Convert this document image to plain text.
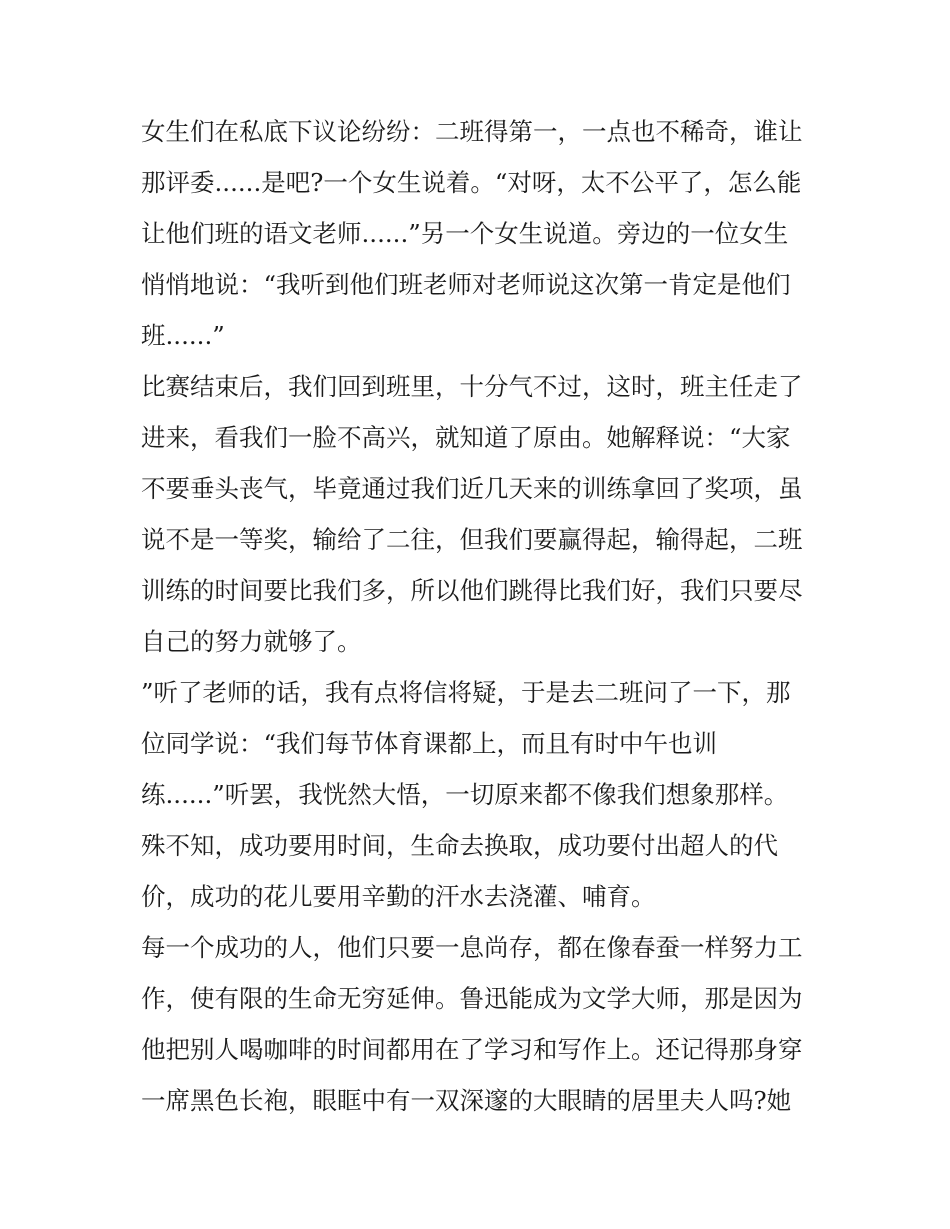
女生们在私底下议论纷纷：二班得第一，一点也不稀奇，谁让
那评委......是吧?一个女生说着。“对呀，太不公平了，怎么能
让他们班的语文老师......”另一个女生说道。旁边的一位女生
悄悄地说：“我听到他们班老师对老师说这次第一肯定是他们
班......”
比赛结束后，我们回到班里，十分气不过，这时，班主任走了
进来，看我们一脸不高兴，就知道了原由。她解释说：“大家
不要垂头丧气，毕竟通过我们近几天来的训练拿回了奖项，虽
说不是一等奖，输给了二往，但我们要赢得起，输得起，二班
训练的时间要比我们多，所以他们跳得比我们好，我们只要尽
自己的努力就够了。
”听了老师的话，我有点将信将疑，于是去二班问了一下，那
位同学说：“我们每节体育课都上，而且有时中午也训
练......”听罢，我恍然大悟，一切原来都不像我们想象那样。
殊不知，成功要用时间，生命去换取，成功要付出超人的代
价，成功的花儿要用辛勤的汗水去浇灌、哺育。
每一个成功的人，他们只要一息尚存，都在像春蚕一样努力工
作，使有限的生命无穷延伸。鲁迅能成为文学大师，那是因为
他把别人喝咖啡的时间都用在了学习和写作上。还记得那身穿
一席黑色长袍，眼眶中有一双深邃的大眼睛的居里夫人吗?她
